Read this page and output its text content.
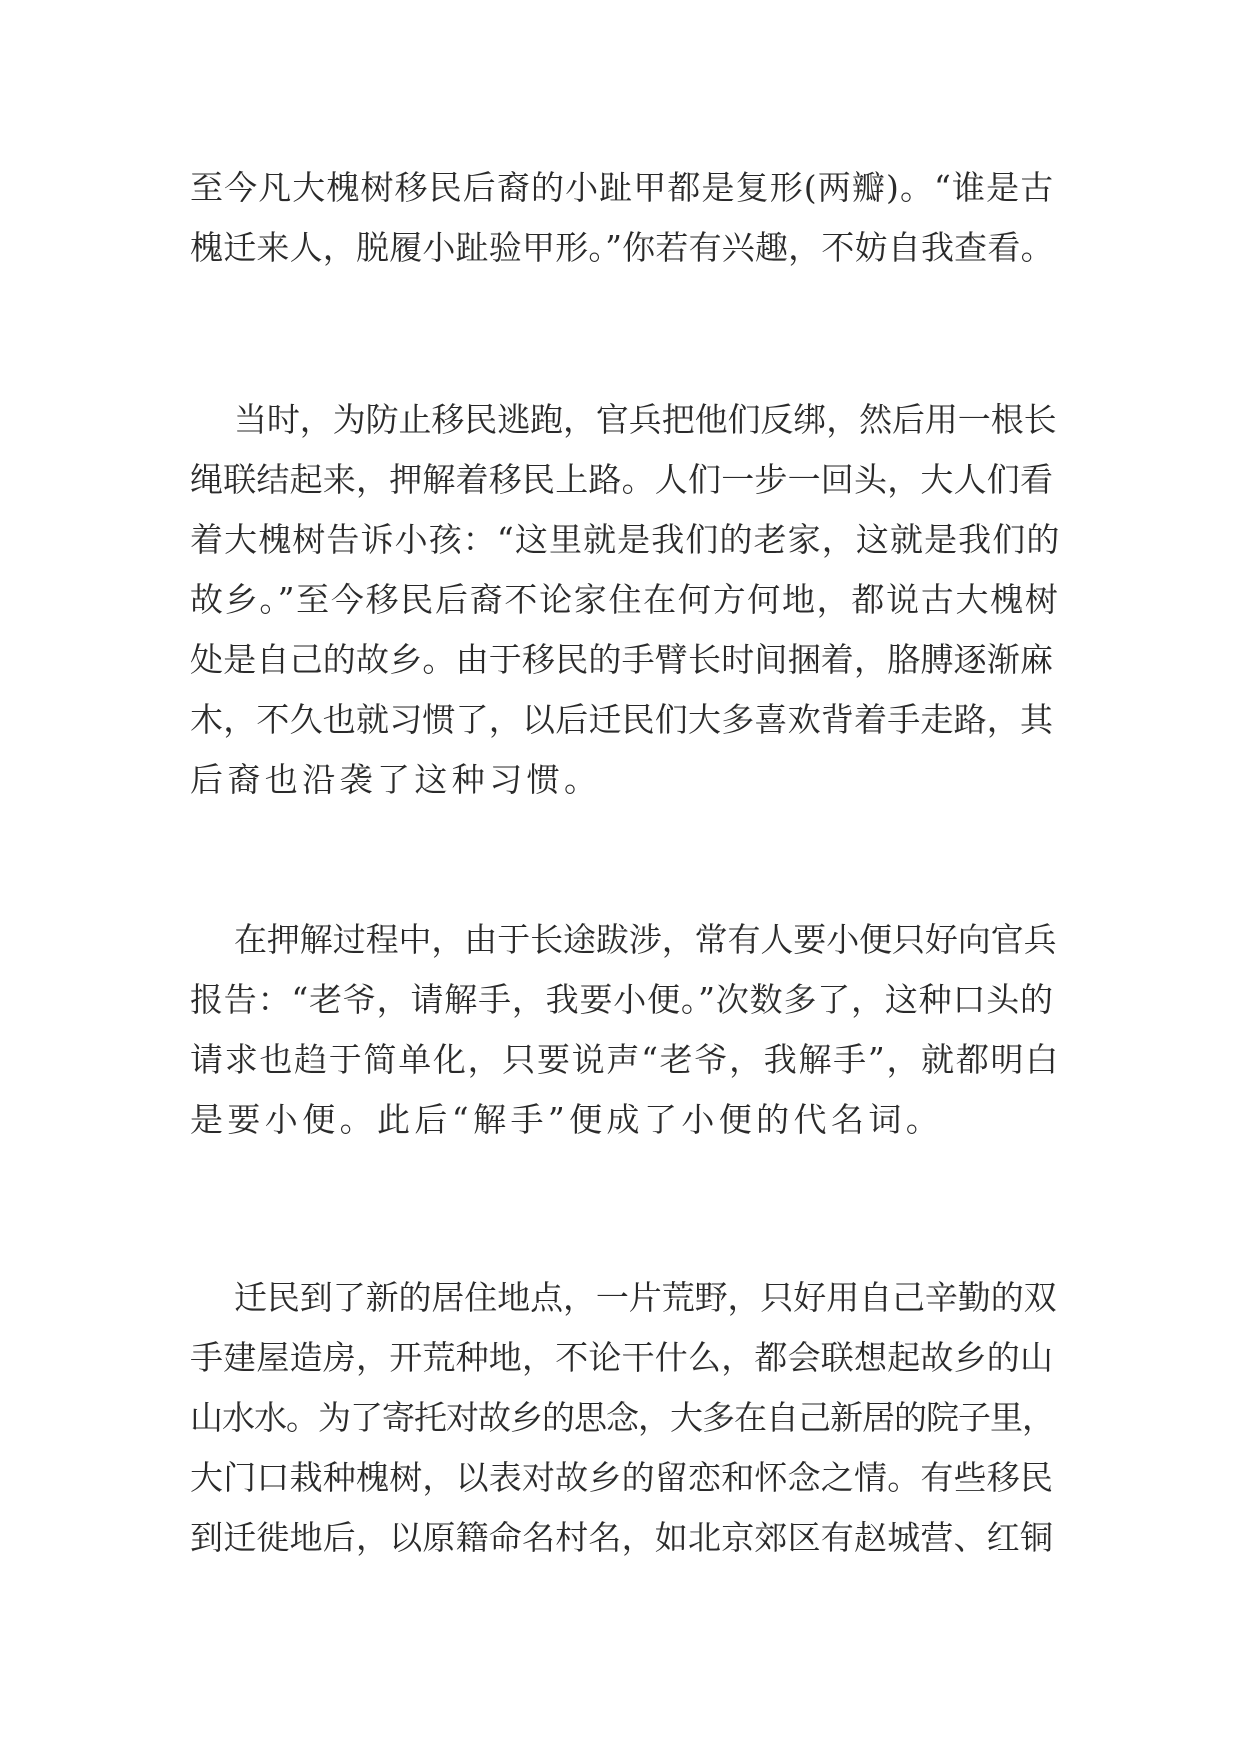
至今凡大槐树移民后裔的小趾甲都是复形(两瓣)。“谁是古
槐迁来人，脱履小趾验甲形。”你若有兴趣，不妨自我查看。
当时，为防止移民逃跑，官兵把他们反绑，然后用一根长
绳联结起来，押解着移民上路。人们一步一回头，大人们看
着大槐树告诉小孩：“这里就是我们的老家，这就是我们的
故乡。”至今移民后裔不论家住在何方何地，都说古大槐树
处是自己的故乡。由于移民的手臂长时间捆着，胳膊逐渐麻
木，不久也就习惯了，以后迁民们大多喜欢背着手走路，其
后裔也沿袭了这种习惯。
在押解过程中，由于长途跋涉，常有人要小便只好向官兵
报告：“老爷，请解手，我要小便。”次数多了，这种口头的
请求也趋于简单化，只要说声“老爷，我解手”，就都明白
是要小便。此后“解手”便成了小便的代名词。
迁民到了新的居住地点，一片荒野，只好用自己辛勤的双
手建屋造房，开荒种地，不论干什么，都会联想起故乡的山
山水水。为了寄托对故乡的思念，大多在自己新居的院子里，
大门口栽种槐树，以表对故乡的留恋和怀念之情。有些移民
到迁徙地后，以原籍命名村名，如北京郊区有赵城营、红铜
